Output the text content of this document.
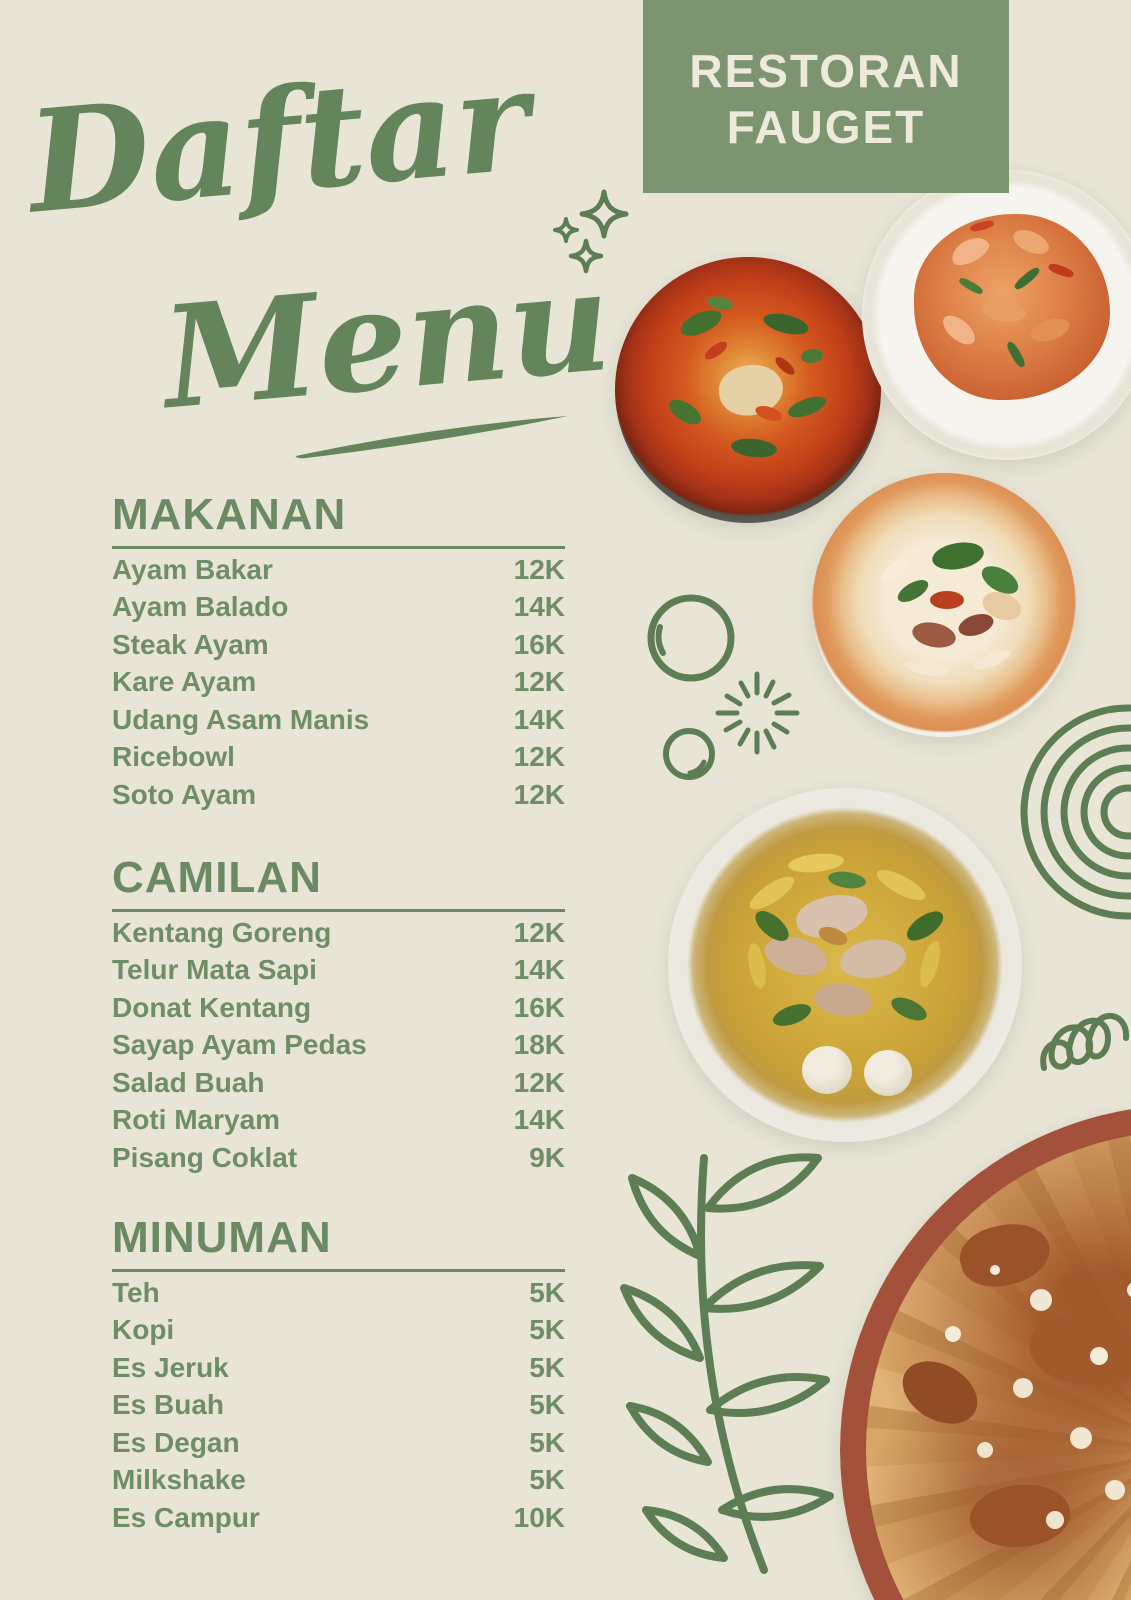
RESTORAN
FAUGET
Daftar
Menu
MAKANAN
Ayam Bakar	12K
Ayam Balado	14K
Steak Ayam	16K
Kare Ayam	12K
Udang Asam Manis	14K
Ricebowl	12K
Soto Ayam	12K
CAMILAN
Kentang Goreng	12K
Telur Mata Sapi	14K
Donat Kentang	16K
Sayap Ayam Pedas	18K
Salad Buah	12K
Roti Maryam	14K
Pisang Coklat	9K
MINUMAN
Teh	5K
Kopi	5K
Es Jeruk	5K
Es Buah	5K
Es Degan	5K
Milkshake	5K
Es Campur	10K
